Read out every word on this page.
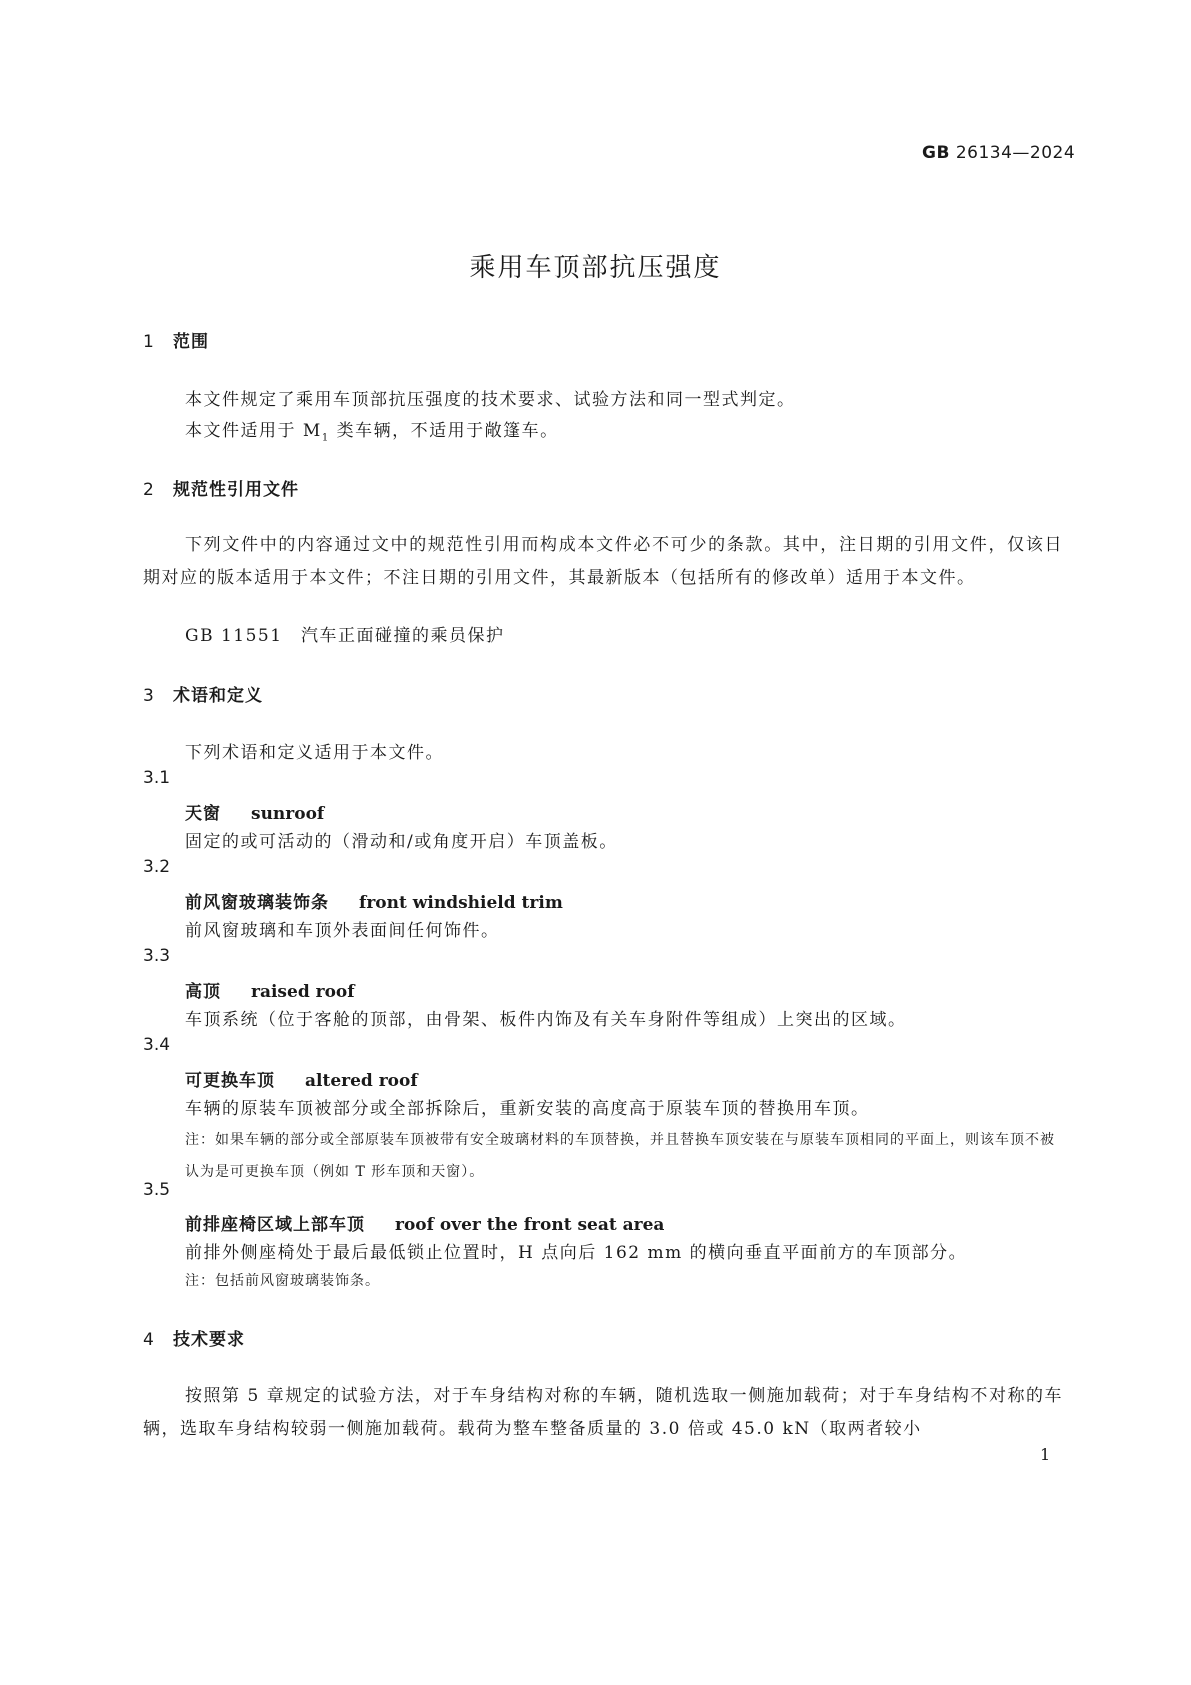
GB 26134—2024
乘用车顶部抗压强度
1 范围

本文件规定了乘用车顶部抗压强度的技术要求、试验方法和同一型式判定。

本文件适用于 $M_1$ 类车辆，不适用于敞篷车。

2 规范性引用文件

下列文件中的内容通过文中的规范性引用而构成本文件必不可少的条款。其中，注日期的引用文件，仅该日期对应的版本适用于本文件；不注日期的引用文件，其最新版本（包括所有的修改单）适用于本文件。

GB 11551　汽车正面碰撞的乘员保护

3 术语和定义

下列术语和定义适用于本文件。

3.1
天窗 sunroof

固定的或可活动的（滑动和/或角度开启）车顶盖板。

3.2
前风窗玻璃装饰条 front windshield trim

前风窗玻璃和车顶外表面间任何饰件。

3.3
高顶 raised roof

车顶系统（位于客舱的顶部，由骨架、板件内饰及有关车身附件等组成）上突出的区域。

3.4
可更换车顶 altered roof

车辆的原装车顶被部分或全部拆除后，重新安装的高度高于原装车顶的替换用车顶。

注：如果车辆的部分或全部原装车顶被带有安全玻璃材料的车顶替换，并且替换车顶安装在与原装车顶相同的平面上，则该车顶不被认为是可更换车顶（例如 T 形车顶和天窗）。

3.5
前排座椅区域上部车顶 roof over the front seat area

前排外侧座椅处于最后最低锁止位置时，H 点向后 162 mm 的横向垂直平面前方的车顶部分。

注：包括前风窗玻璃装饰条。

4 技术要求

按照第 5 章规定的试验方法，对于车身结构对称的车辆，随机选取一侧施加载荷；对于车身结构不对称的车辆，选取车身结构较弱一侧施加载荷。载荷为整车整备质量的 3.0 倍或 45.0 kN（取两者较小

1
